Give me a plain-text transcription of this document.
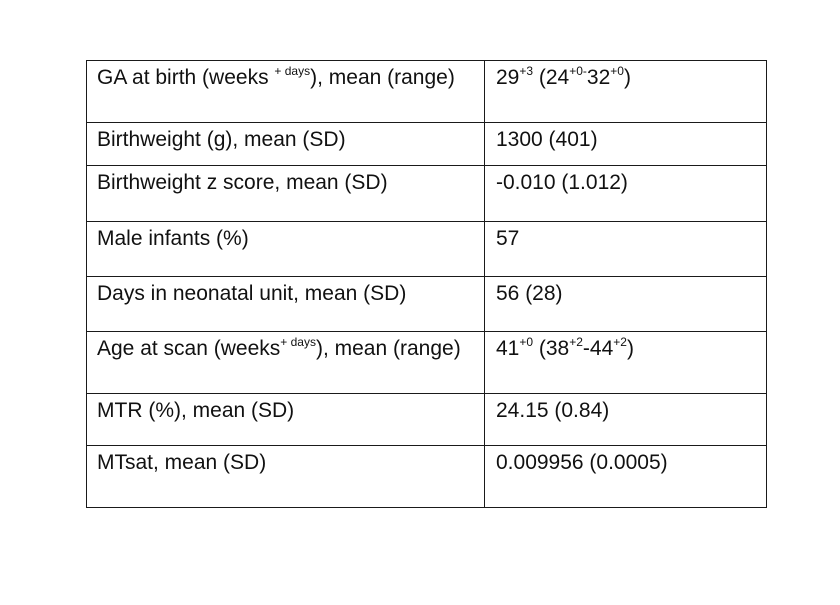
GA at birth (weeks $^{+ days}$), mean (range)	$29^{+3}$ $(24^{+0-}32^{+0})$
Birthweight (g), mean (SD)	1300 (401)
Birthweight z score, mean (SD)	-0.010 (1.012)
Male infants (%)	57
Days in neonatal unit, mean (SD)	56 (28)
Age at scan (weeks$^{+ days}$), mean (range)	$41^{+0}$ $(38^{+2}-44^{+2})$
MTR (%), mean (SD)	24.15 (0.84)
MTsat, mean (SD)	0.009956 (0.0005)
